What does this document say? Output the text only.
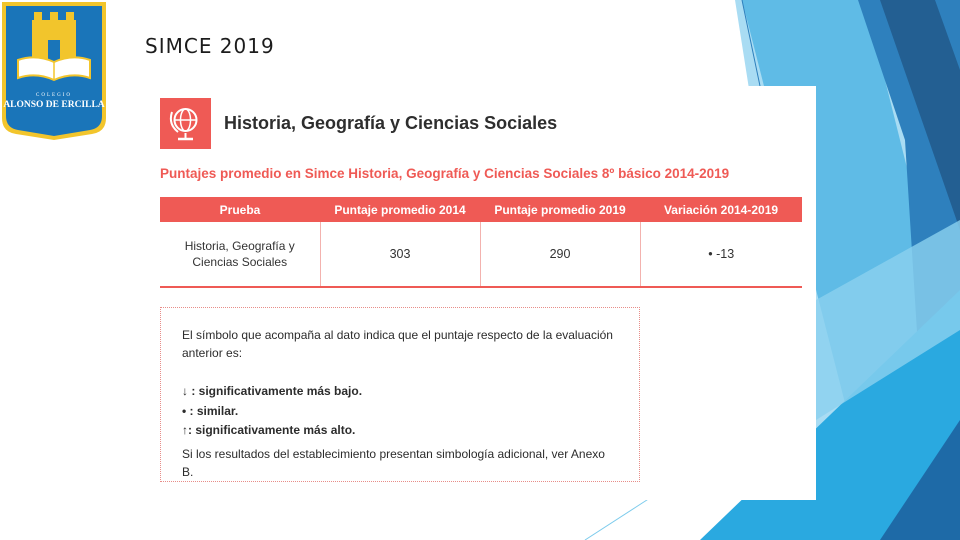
COLEGIO
ALONSO DE ERCILLA
SIMCE 2019
Historia, Geografía y Ciencias Sociales
Puntajes promedio en Simce Historia, Geografía y Ciencias Sociales 8º básico 2014-2019
Prueba	Puntaje promedio 2014	Puntaje promedio 2019	Variación 2014-2019
Historia, Geografía y
Ciencias Sociales	303	290	• -13

El símbolo que acompaña al dato indica que el puntaje respecto de la evaluación
anterior es:

↓ : significativamente más bajo.

• : similar.

↑: significativamente más alto.

Si los resultados del establecimiento presentan simbología adicional, ver Anexo B.
